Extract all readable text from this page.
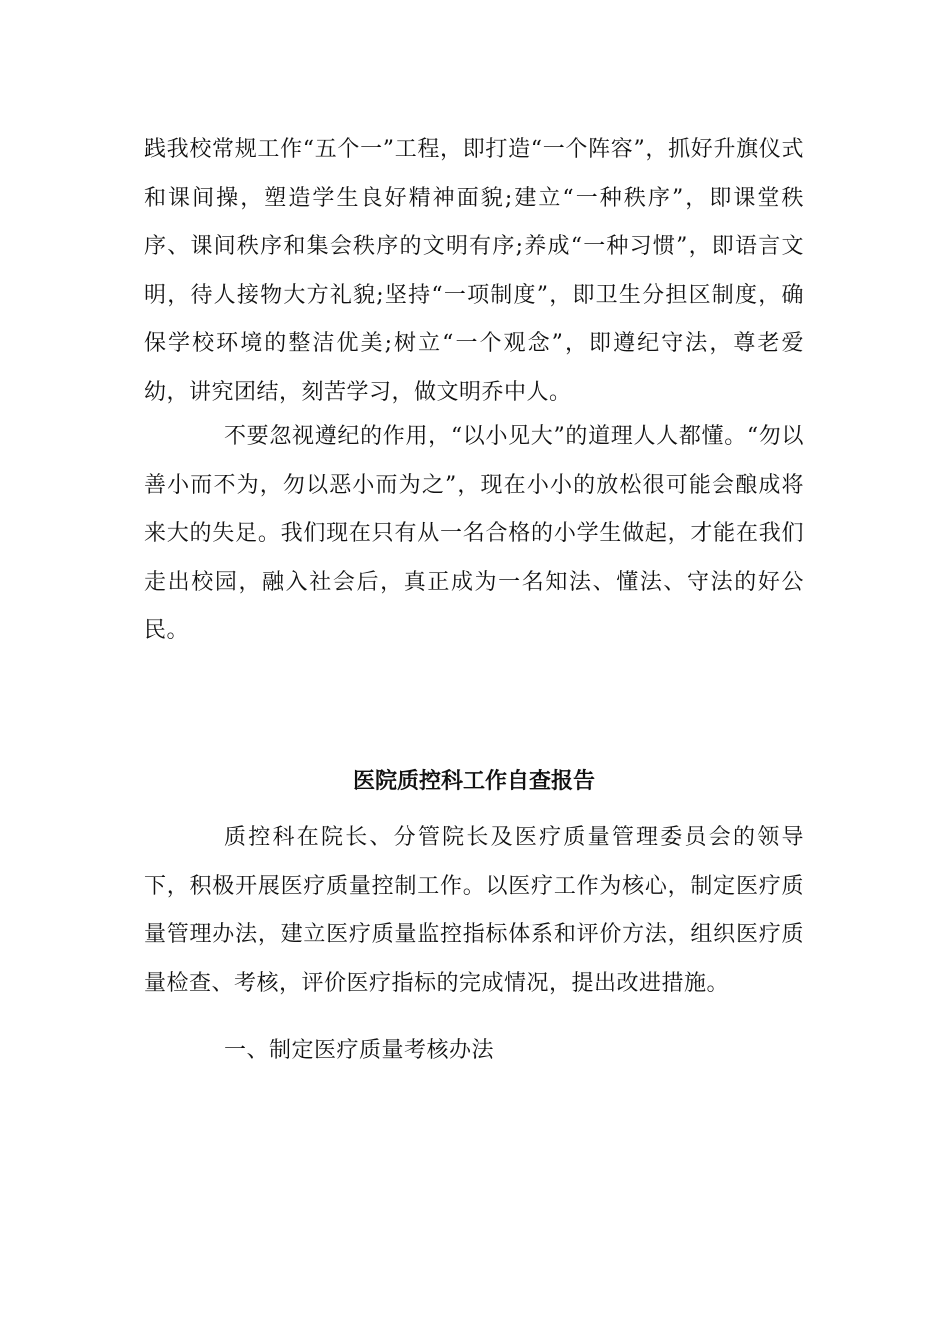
践我校常规工作“五个一”工程，即打造“一个阵容”，抓好升旗仪式和课间操，塑造学生良好精神面貌;建立“一种秩序”，即课堂秩序、课间秩序和集会秩序的文明有序;养成“一种习惯”，即语言文明，待人接物大方礼貌;坚持“一项制度”，即卫生分担区制度，确保学校环境的整洁优美;树立“一个观念”，即遵纪守法，尊老爱幼，讲究团结，刻苦学习，做文明乔中人。

不要忽视遵纪的作用，“以小见大”的道理人人都懂。“勿以善小而不为，勿以恶小而为之”，现在小小的放松很可能会酿成将来大的失足。我们现在只有从一名合格的小学生做起，才能在我们走出校园，融入社会后，真正成为一名知法、懂法、守法的好公民。

医院质控科工作自查报告

质控科在院长、分管院长及医疗质量管理委员会的领导下，积极开展医疗质量控制工作。以医疗工作为核心，制定医疗质量管理办法，建立医疗质量监控指标体系和评价方法，组织医疗质量检查、考核，评价医疗指标的完成情况，提出改进措施。

一、制定医疗质量考核办法
